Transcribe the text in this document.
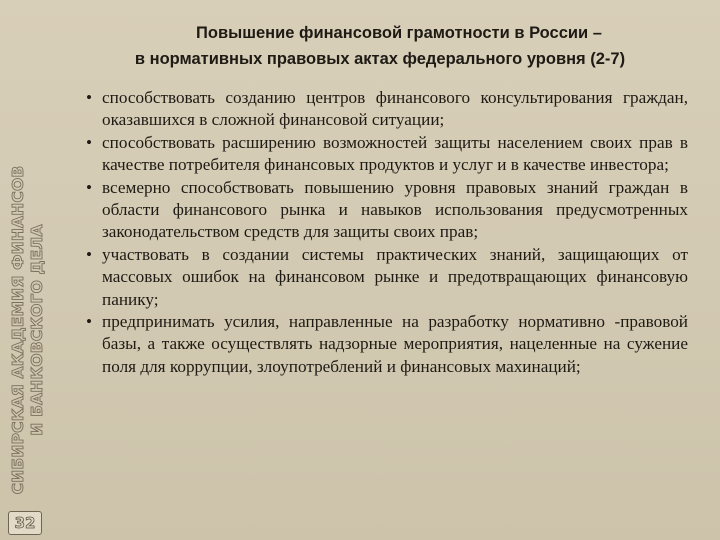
СИБИРСКАЯ АКАДЕМИЯ ФИНАНСОВ И БАНКОВСКОГО ДЕЛА
32
Повышение финансовой грамотности в России –
в нормативных правовых актах федерального уровня (2-7)
• способствовать созданию центров финансового консультирования граждан, оказавшихся в сложной финансовой ситуации;
• способствовать расширению возможностей защиты населением своих прав в качестве потребителя финансовых продуктов и услуг и в качестве инвестора;
• всемерно способствовать повышению уровня правовых знаний граждан в области финансового рынка и навыков использования предусмотренных законодательством средств для защиты своих прав;
• участвовать в создании системы практических знаний, защищающих от массовых ошибок на финансовом рынке и предотвращающих финансовую панику;
• предпринимать усилия, направленные на разработку нормативно -правовой базы, а также осуществлять надзорные мероприятия, нацеленные на сужение поля для коррупции, злоупотреблений и финансовых махинаций;
